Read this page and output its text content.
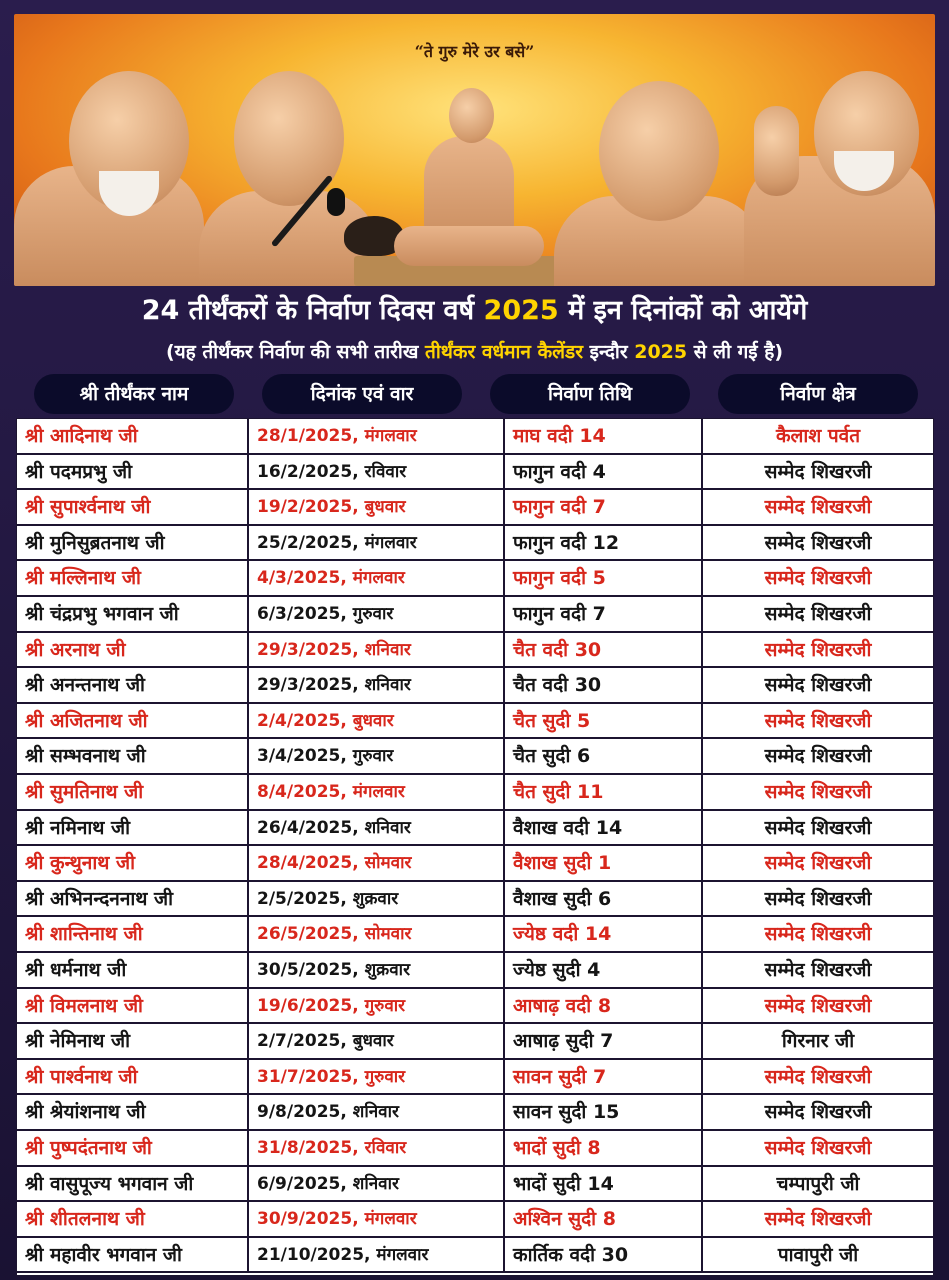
“ते गुरु मेरे उर बसे”
24 तीर्थंकरों के निर्वाण दिवस वर्ष 2025 में इन दिनांकों को आयेंगे
(यह तीर्थंकर निर्वाण की सभी तारीख तीर्थंकर वर्धमान कैलेंडर इन्दौर 2025 से ली गई है)
श्री तीर्थंकर नाम	दिनांक एवं वार	निर्वाण तिथि	निर्वाण क्षेत्र
श्री आदिनाथ जी	28/1/2025, मंगलवार	माघ वदी 14	कैलाश पर्वत
श्री पदमप्रभु जी	16/2/2025, रविवार	फागुन वदी 4	सम्मेद शिखरजी
श्री सुपार्श्वनाथ जी	19/2/2025, बुधवार	फागुन वदी 7	सम्मेद शिखरजी
श्री मुनिसुब्रतनाथ जी	25/2/2025, मंगलवार	फागुन वदी 12	सम्मेद शिखरजी
श्री मल्लिनाथ जी	4/3/2025, मंगलवार	फागुन वदी 5	सम्मेद शिखरजी
श्री चंद्रप्रभु भगवान जी	6/3/2025, गुरुवार	फागुन वदी 7	सम्मेद शिखरजी
श्री अरनाथ जी	29/3/2025, शनिवार	चैत वदी 30	सम्मेद शिखरजी
श्री अनन्तनाथ जी	29/3/2025, शनिवार	चैत वदी 30	सम्मेद शिखरजी
श्री अजितनाथ जी	2/4/2025, बुधवार	चैत सुदी 5	सम्मेद शिखरजी
श्री सम्भवनाथ जी	3/4/2025, गुरुवार	चैत सुदी 6	सम्मेद शिखरजी
श्री सुमतिनाथ जी	8/4/2025, मंगलवार	चैत सुदी 11	सम्मेद शिखरजी
श्री नमिनाथ जी	26/4/2025, शनिवार	वैशाख वदी 14	सम्मेद शिखरजी
श्री कुन्थुनाथ जी	28/4/2025, सोमवार	वैशाख सुदी 1	सम्मेद शिखरजी
श्री अभिनन्दननाथ जी	2/5/2025, शुक्रवार	वैशाख सुदी 6	सम्मेद शिखरजी
श्री शान्तिनाथ जी	26/5/2025, सोमवार	ज्येष्ठ वदी 14	सम्मेद शिखरजी
श्री धर्मनाथ जी	30/5/2025, शुक्रवार	ज्येष्ठ सुदी 4	सम्मेद शिखरजी
श्री विमलनाथ जी	19/6/2025, गुरुवार	आषाढ़ वदी 8	सम्मेद शिखरजी
श्री नेमिनाथ जी	2/7/2025, बुधवार	आषाढ़ सुदी 7	गिरनार जी
श्री पार्श्वनाथ जी	31/7/2025, गुरुवार	सावन सुदी 7	सम्मेद शिखरजी
श्री श्रेयांशनाथ जी	9/8/2025, शनिवार	सावन सुदी 15	सम्मेद शिखरजी
श्री पुष्पदंतनाथ जी	31/8/2025, रविवार	भादों सुदी 8	सम्मेद शिखरजी
श्री वासुपूज्य भगवान जी	6/9/2025, शनिवार	भादों सुदी 14	चम्पापुरी जी
श्री शीतलनाथ जी	30/9/2025, मंगलवार	अश्विन सुदी 8	सम्मेद शिखरजी
श्री महावीर भगवान जी	21/10/2025, मंगलवार	कार्तिक वदी 30	पावापुरी जी
